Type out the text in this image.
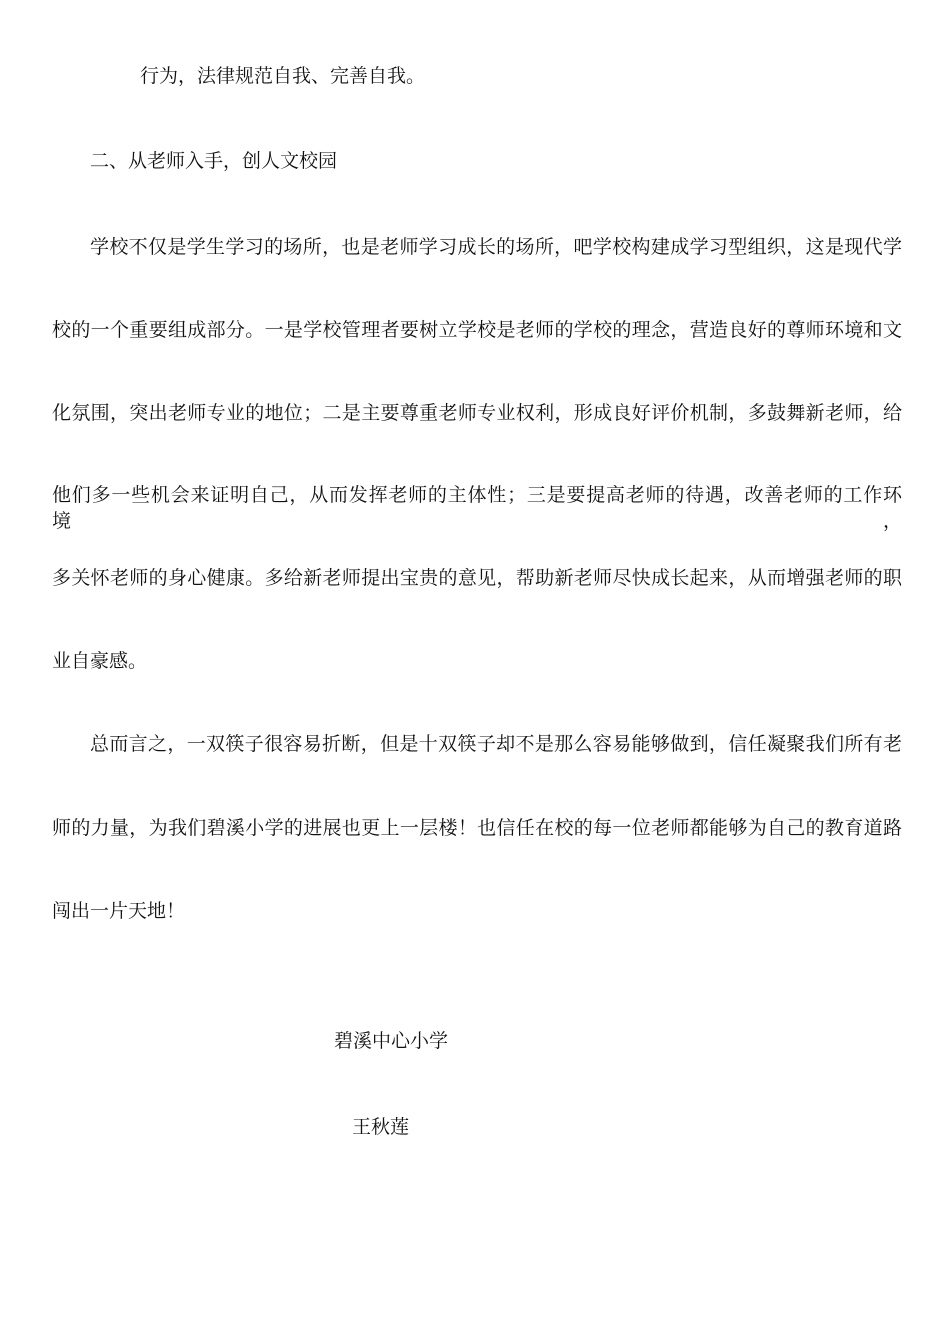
行为，法律规范自我、完善自我。
二、从老师入手，创人文校园
学校不仅是学生学习的场所，也是老师学习成长的场所，吧学校构建成学习型组织，这是现代学
校的一个重要组成部分。一是学校管理者要树立学校是老师的学校的理念，营造良好的尊师环境和文
化氛围，突出老师专业的地位；二是主要尊重老师专业权利，形成良好评价机制，多鼓舞新老师，给
他们多一些机会来证明自己，从而发挥老师的主体性；三是要提高老师的待遇，改善老师的工作环境，
多关怀老师的身心健康。多给新老师提出宝贵的意见，帮助新老师尽快成长起来，从而增强老师的职
业自豪感。
总而言之，一双筷子很容易折断，但是十双筷子却不是那么容易能够做到，信任凝聚我们所有老
师的力量，为我们碧溪小学的进展也更上一层楼！也信任在校的每一位老师都能够为自己的教育道路
闯出一片天地！
碧溪中心小学
王秋莲
